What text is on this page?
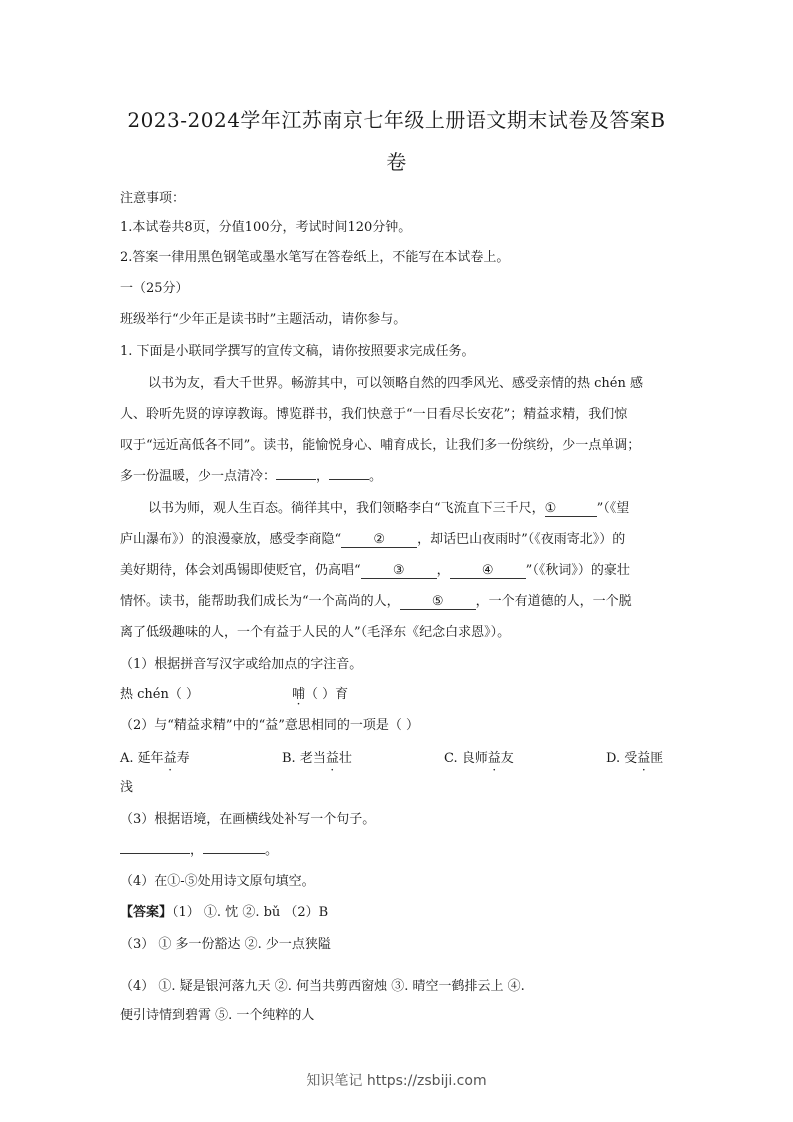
2023-2024学年江苏南京七年级上册语文期末试卷及答案B
卷
注意事项：
1.本试卷共8页，分值100分，考试时间120分钟。
2.答案一律用黑色钢笔或墨水笔写在答卷纸上，不能写在本试卷上。
一（25分）
班级举行“少年正是读书时”主题活动，请你参与。
1. 下面是小联同学撰写的宣传文稿，请你按照要求完成任务。
以书为友，看大千世界。畅游其中，可以领略自然的四季风光、感受亲情的热 chén 感
人、聆听先贤的谆谆教诲。博览群书，我们快意于“一日看尽长安花”；精益求精，我们惊
叹于“远近高低各不同”。读书，能愉悦身心、哺育成长，让我们多一份缤纷，少一点单调；
多一份温暖，少一点清冷：	，	。
以书为师，观人生百态。徜徉其中，我们领略李白“飞流直下三千尺，①	”（《望
庐山瀑布》）的浪漫豪放，感受李商隐“ ② ，却话巴山夜雨时”（《夜雨寄北》）的
美好期待，体会刘禹锡即使贬官，仍高唱“ ③ ， ④ ”（《秋词》）的豪壮
情怀。读书，能帮助我们成长为“一个高尚的人， ⑤ ，一个有道德的人，一个脱
离了低级趣味的人，一个有益于人民的人”（毛泽东《纪念白求恩》）。
（1）根据拼音写汉字或给加点的字注音。
热 chén（ ）	哺（ ）育
（2）与“精益求精”中的“益”意思相同的一项是（ ）
A. 延年益寿	B. 老当益壮	C. 良师益友	D. 受益匪
浅
（3）根据语境，在画横线处补写一个句子。
，	。
（4）在①-⑤处用诗文原句填空。
【答案】（1） ①. 忱 ②. bǔ （2）B
（3） ① 多一份豁达 ②. 少一点狭隘
（4） ①. 疑是银河落九天 ②. 何当共剪西窗烛 ③. 晴空一鹤排云上 ④.
便引诗情到碧霄 ⑤. 一个纯粹的人
知识笔记 https://zsbiji.com
